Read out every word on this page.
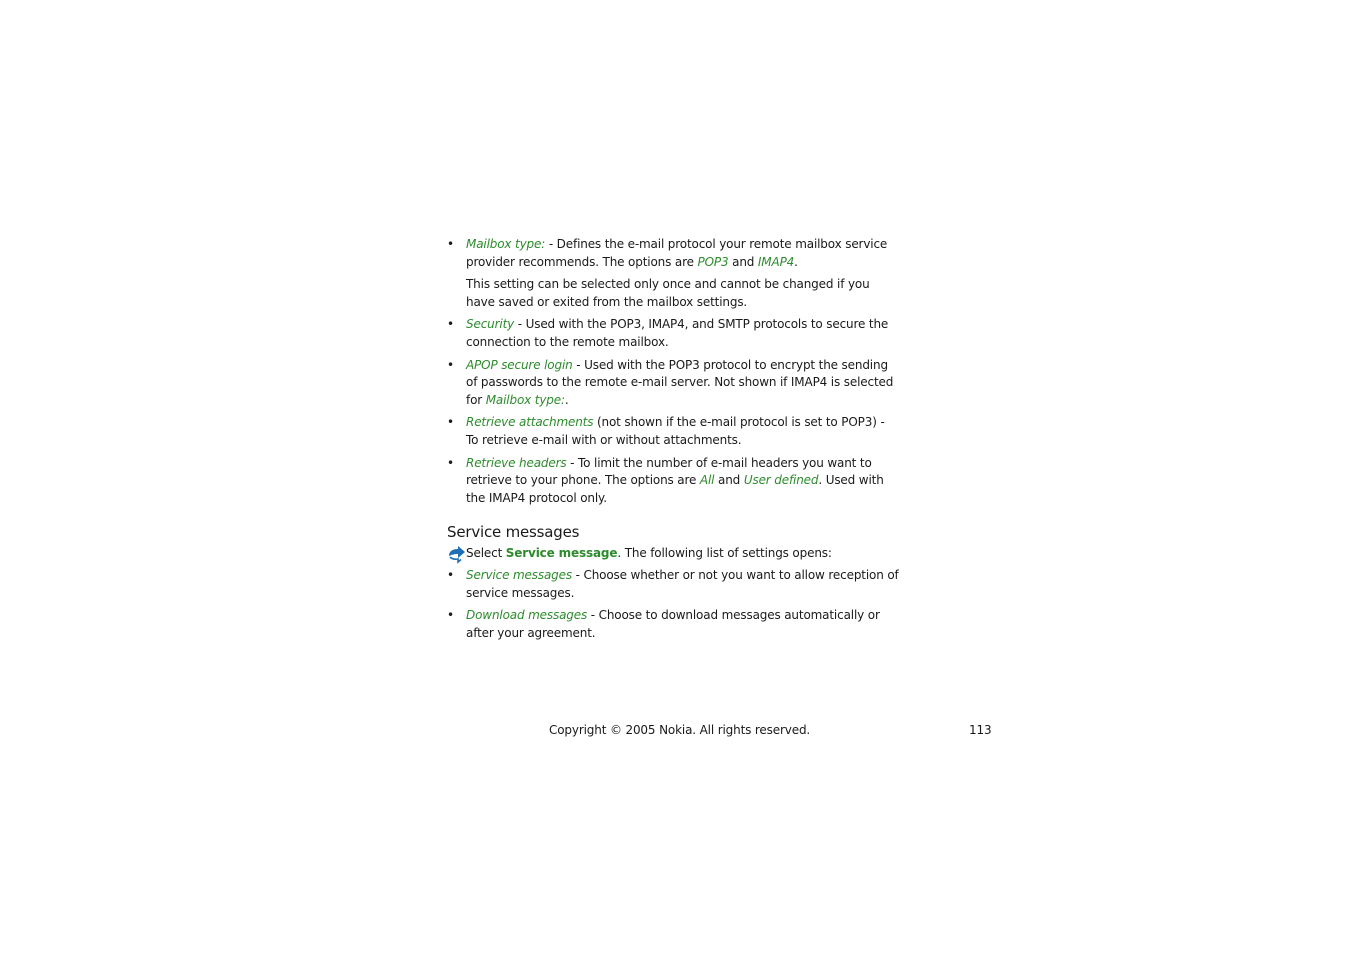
• Mailbox type: - Defines the e-mail protocol your remote mailbox service provider recommends. The options are POP3 and IMAP4.
This setting can be selected only once and cannot be changed if you have saved or exited from the mailbox settings.
• Security - Used with the POP3, IMAP4, and SMTP protocols to secure the connection to the remote mailbox.
• APOP secure login - Used with the POP3 protocol to encrypt the sending of passwords to the remote e-mail server. Not shown if IMAP4 is selected for Mailbox type:.
• Retrieve attachments (not shown if the e-mail protocol is set to POP3) - To retrieve e-mail with or without attachments.
• Retrieve headers - To limit the number of e-mail headers you want to retrieve to your phone. The options are All and User defined. Used with the IMAP4 protocol only.
Service messages
Select Service message. The following list of settings opens:
• Service messages - Choose whether or not you want to allow reception of service messages.
• Download messages - Choose to download messages automatically or after your agreement.
Copyright © 2005 Nokia. All rights reserved.	113
